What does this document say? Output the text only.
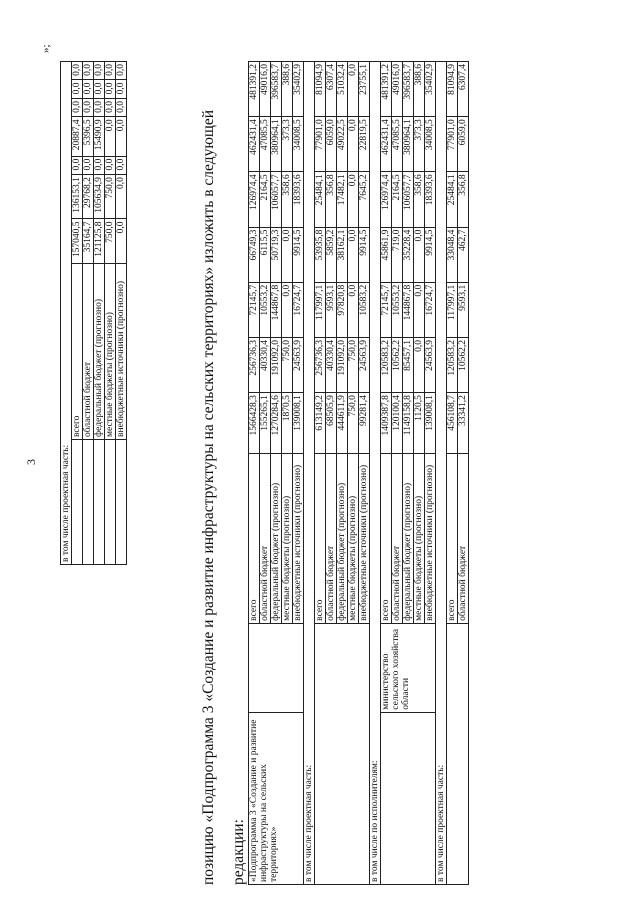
3 в том числе проектная часть:								
	всего	157040,5	136153,1	0,0	20887,4	0,0	0,0	0,0
	областной бюджет	35164,7	29768,2	0,0	5396,5	0,0	0,0	0,0
	федеральный бюджет (прогнозно)	121125,8	105634,9	0,0	15490,9	0,0	0,0	0,0
	местные бюджеты (прогнозно)	750,0	750,0	0,0	0,0	0,0	0,0	0,0
	внебюджетные источники (прогнозно)	0,0	0,0	0,0	0,0	0,0	0,0	0,0
»;
позицию «Подпрограмма 3 «Создание и развитие инфраструктуры на сельских территориях» изложить в следующей редакции: «Подпрограмма 3 «Создание и развитие инфраструктуры на сельских территориях»		всего	1566428,3	256736,3	72145,7	66749,3	126974,4	462431,4	481391,2
		областной бюджет	155265,1	40330,4	10553,2	6115,5	2164,5	47085,5	49016,0
		федеральный бюджет (прогнозно)	1270284,6	191092,0	144867,8	50719,3	106057,7	380964,1	396583,7
		местные бюджеты (прогнозно)	1870,5	750,0	0,0	0,0	358,6	373,3	388,6
		внебюджетные источники (прогнозно)	139008,1	24563,9	16724,7	9914,5	18393,6	34008,5	35402,9
в том числе проектная часть:									
		всего	613149,2	256736,3	117997,1	53935,8	25484,1	77901,0	81094,9
		областной бюджет	68505,9	40330,4	9593,1	5859,2	356,8	6059,0	6307,4
		федеральный бюджет (прогнозно)	444611,9	191092,0	97820,8	38162,1	17482,1	49022,5	51032,4
		местные бюджеты (прогнозно)	750,0	750,0	0,0	0,0	0,0	0,0	0,0
		внебюджетные источники (прогнозно)	99281,4	24563,9	10583,2	9914,5	7645,2	22819,5	23755,1
в том числе по исполнителям:									
	министерство сельского хозяйства области	всего	1409387,8	120583,2	72145,7	45861,9	126974,4	462431,4	481391,2
		областной бюджет	120100,4	10562,2	10553,2	719,0	2164,5	47085,5	49016,0
		федеральный бюджет (прогнозно)	1149158,8	85457,1	144867,8	35228,4	106057,7	380964,1	396583,7
		местные бюджеты (прогнозно)	1120,5	0,0	0,0	0,0	358,6	373,3	388,6
		внебюджетные источники (прогнозно)	139008,1	24563,9	16724,7	9914,5	18393,6	34008,5	35402,9
в том числе проектная часть:									
		всего	456108,7	120583,2	117997,1	33048,4	25484,1	77901,0	81094,9
		областной бюджет	33341,2	10562,2	9593,1	462,7	356,8	6059,0	6307,4
